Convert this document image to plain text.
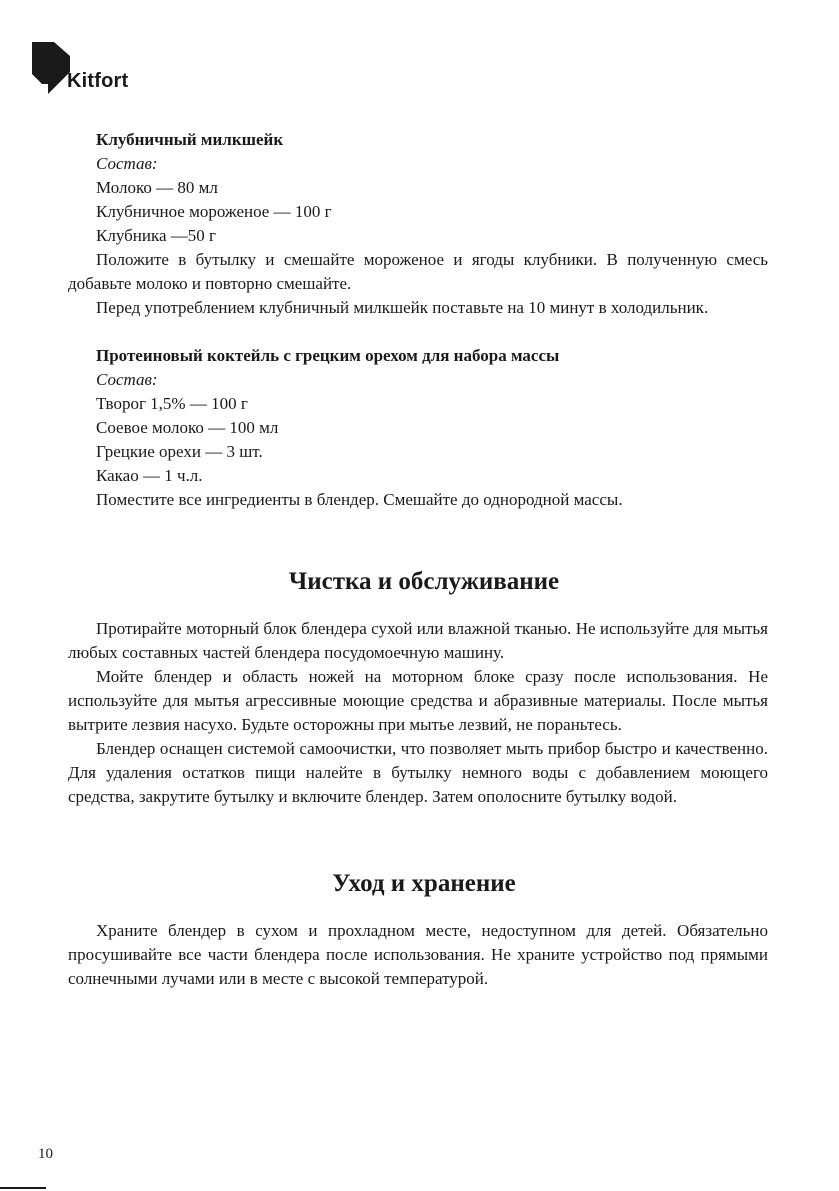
Kitfort
Клубничный милкшейк
Состав:
Молоко — 80 мл
Клубничное мороженое — 100 г
Клубника —50 г

Положите в бутылку и смешайте мороженое и ягоды клубники. В полученную смесь добавьте молоко и повторно смешайте.

Перед употреблением клубничный милкшейк поставьте на 10 минут в холодильник.

Протеиновый коктейль с грецким орехом для набора массы
Состав:
Творог 1,5% — 100 г
Соевое молоко — 100 мл
Грецкие орехи — 3 шт.
Какао — 1 ч.л.

Поместите все ингредиенты в блендер. Смешайте до однородной массы.

Чистка и обслуживание

Протирайте моторный блок блендера сухой или влажной тканью. Не используйте для мытья любых составных частей блендера посудомоечную машину.

Мойте блендер и область ножей на моторном блоке сразу после использования. Не используйте для мытья агрессивные моющие средства и абразивные материалы. После мытья вытрите лезвия насухо. Будьте осторожны при мытье лезвий, не пораньтесь.

Блендер оснащен системой самоочистки, что позволяет мыть прибор быстро и качественно. Для удаления остатков пищи налейте в бутылку немного воды с добавлением моющего средства, закрутите бутылку и включите блендер. Затем ополосните бутылку водой.

Уход и хранение

Храните блендер в сухом и прохладном месте, недоступном для детей. Обязательно просушивайте все части блендера после использования. Не храните устройство под прямыми солнечными лучами или в месте с высокой температурой.

10
